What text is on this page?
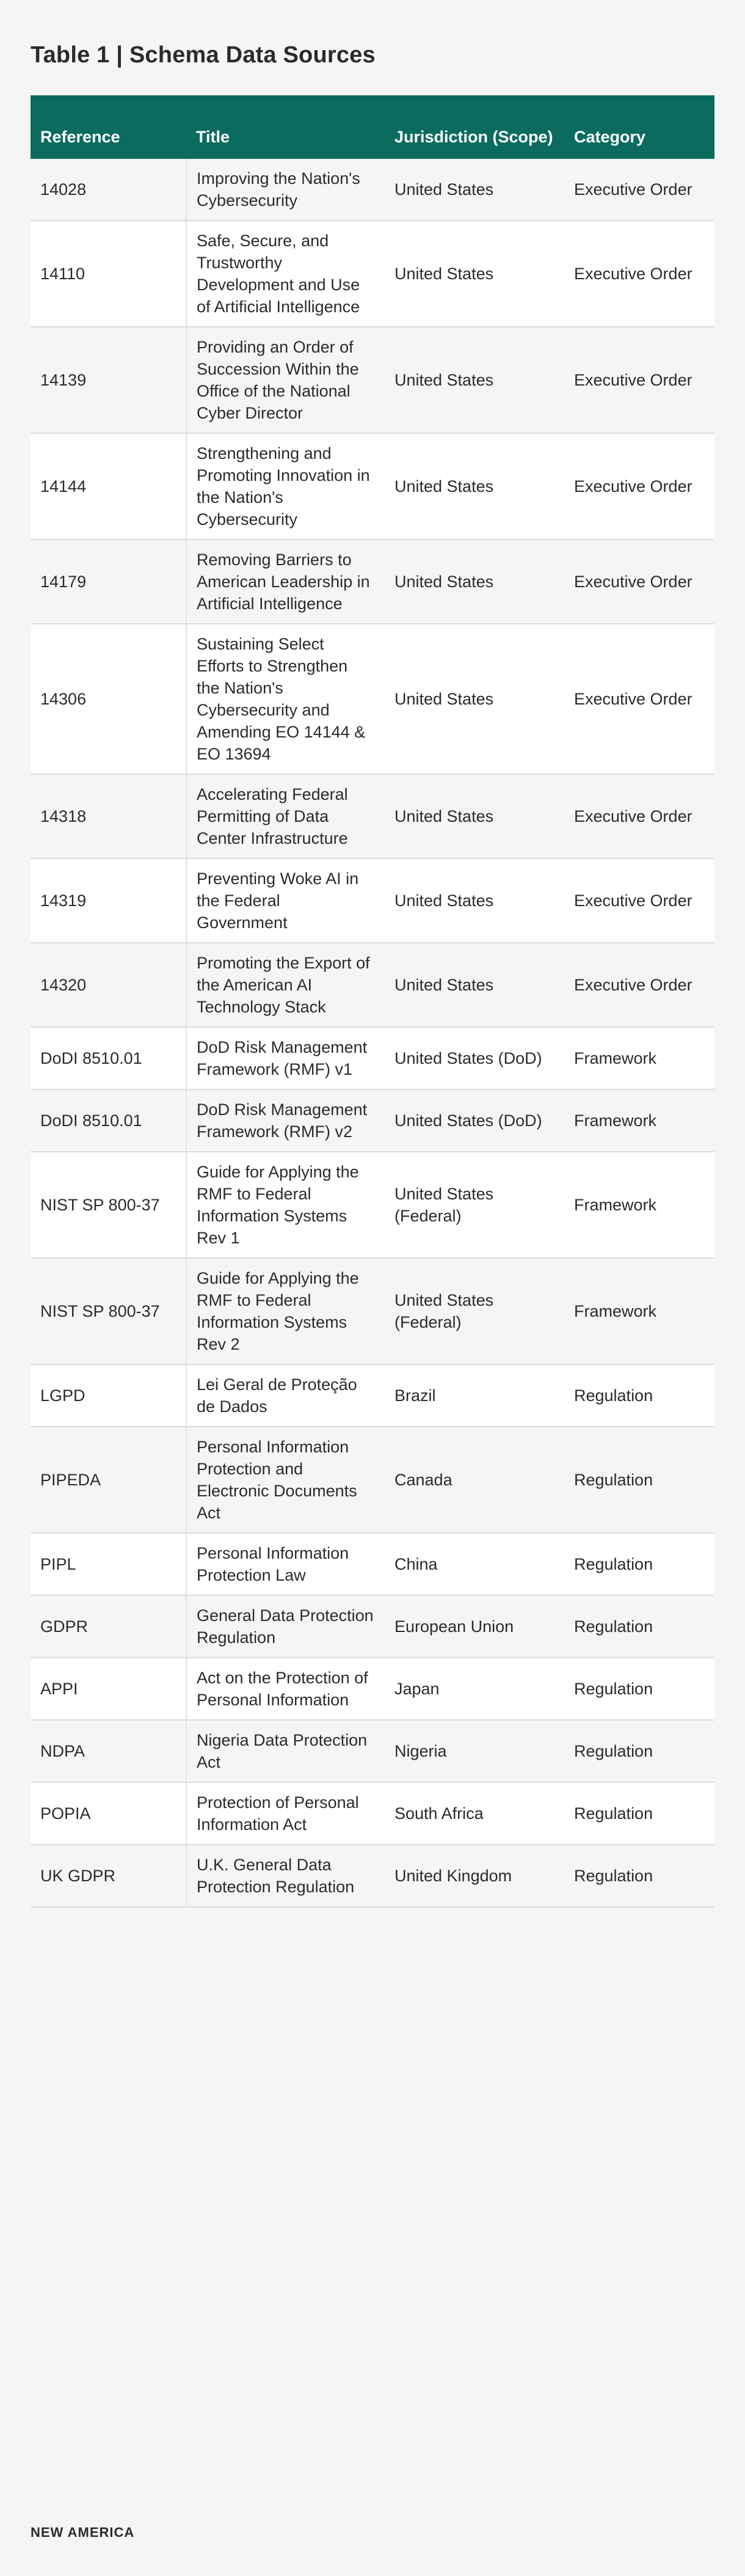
Table 1 | Schema Data Sources
Reference	Title	Jurisdiction (Scope)	Category
14028	Improving the Nation's Cybersecurity	United States	Executive Order
14110	Safe, Secure, and Trustworthy Development and Use of Artificial Intelligence	United States	Executive Order
14139	Providing an Order of Succession Within the Office of the National Cyber Director	United States	Executive Order
14144	Strengthening and Promoting Innovation in the Nation's Cybersecurity	United States	Executive Order
14179	Removing Barriers to American Leadership in Artificial Intelligence	United States	Executive Order
14306	Sustaining Select Efforts to Strengthen the Nation's Cybersecurity and Amending EO 14144 & EO 13694	United States	Executive Order
14318	Accelerating Federal Permitting of Data Center Infrastructure	United States	Executive Order
14319	Preventing Woke AI in the Federal Government	United States	Executive Order
14320	Promoting the Export of the American AI Technology Stack	United States	Executive Order
DoDI 8510.01	DoD Risk Management Framework (RMF) v1	United States (DoD)	Framework
DoDI 8510.01	DoD Risk Management Framework (RMF) v2	United States (DoD)	Framework
NIST SP 800-37	Guide for Applying the RMF to Federal Information Systems Rev 1	United States (Federal)	Framework
NIST SP 800-37	Guide for Applying the RMF to Federal Information Systems Rev 2	United States (Federal)	Framework
LGPD	Lei Geral de Proteção de Dados	Brazil	Regulation
PIPEDA	Personal Information Protection and Electronic Documents Act	Canada	Regulation
PIPL	Personal Information Protection Law	China	Regulation
GDPR	General Data Protection Regulation	European Union	Regulation
APPI	Act on the Protection of Personal Information	Japan	Regulation
NDPA	Nigeria Data Protection Act	Nigeria	Regulation
POPIA	Protection of Personal Information Act	South Africa	Regulation
UK GDPR	U.K. General Data Protection Regulation	United Kingdom	Regulation
NEW AMERICA
